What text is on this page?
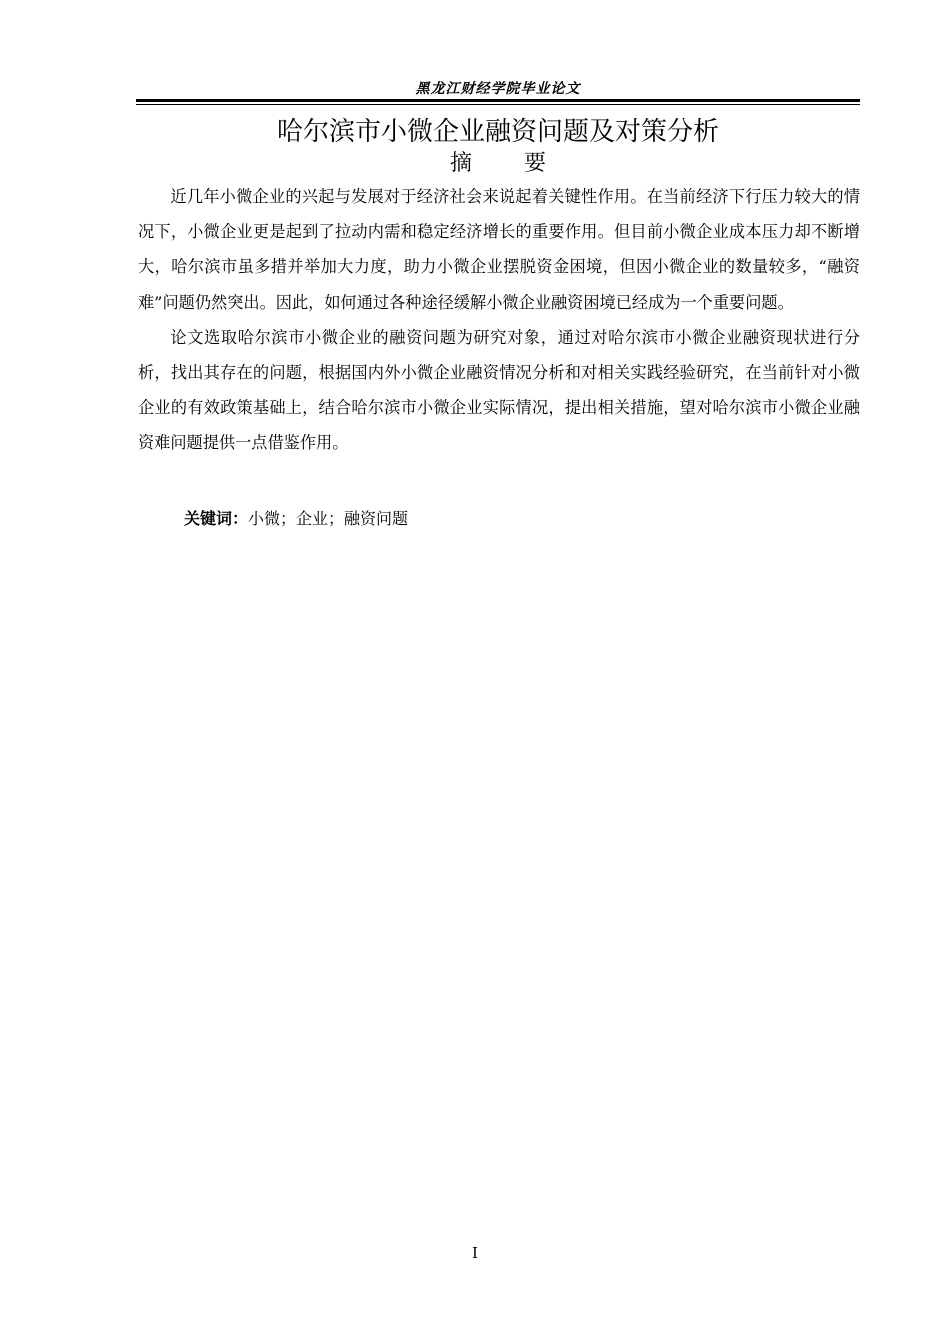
黑龙江财经学院毕业论文
哈尔滨市小微企业融资问题及对策分析
摘 要

近几年小微企业的兴起与发展对于经济社会来说起着关键性作用。在当前经济下行压力较大的情况下，小微企业更是起到了拉动内需和稳定经济增长的重要作用。但目前小微企业成本压力却不断增大，哈尔滨市虽多措并举加大力度，助力小微企业摆脱资金困境，但因小微企业的数量较多，“融资难”问题仍然突出。因此，如何通过各种途径缓解小微企业融资困境已经成为一个重要问题。

论文选取哈尔滨市小微企业的融资问题为研究对象，通过对哈尔滨市小微企业融资现状进行分析，找出其存在的问题，根据国内外小微企业融资情况分析和对相关实践经验研究，在当前针对小微企业的有效政策基础上，结合哈尔滨市小微企业实际情况，提出相关措施，望对哈尔滨市小微企业融资难问题提供一点借鉴作用。

关键词：小微；企业；融资问题
I
